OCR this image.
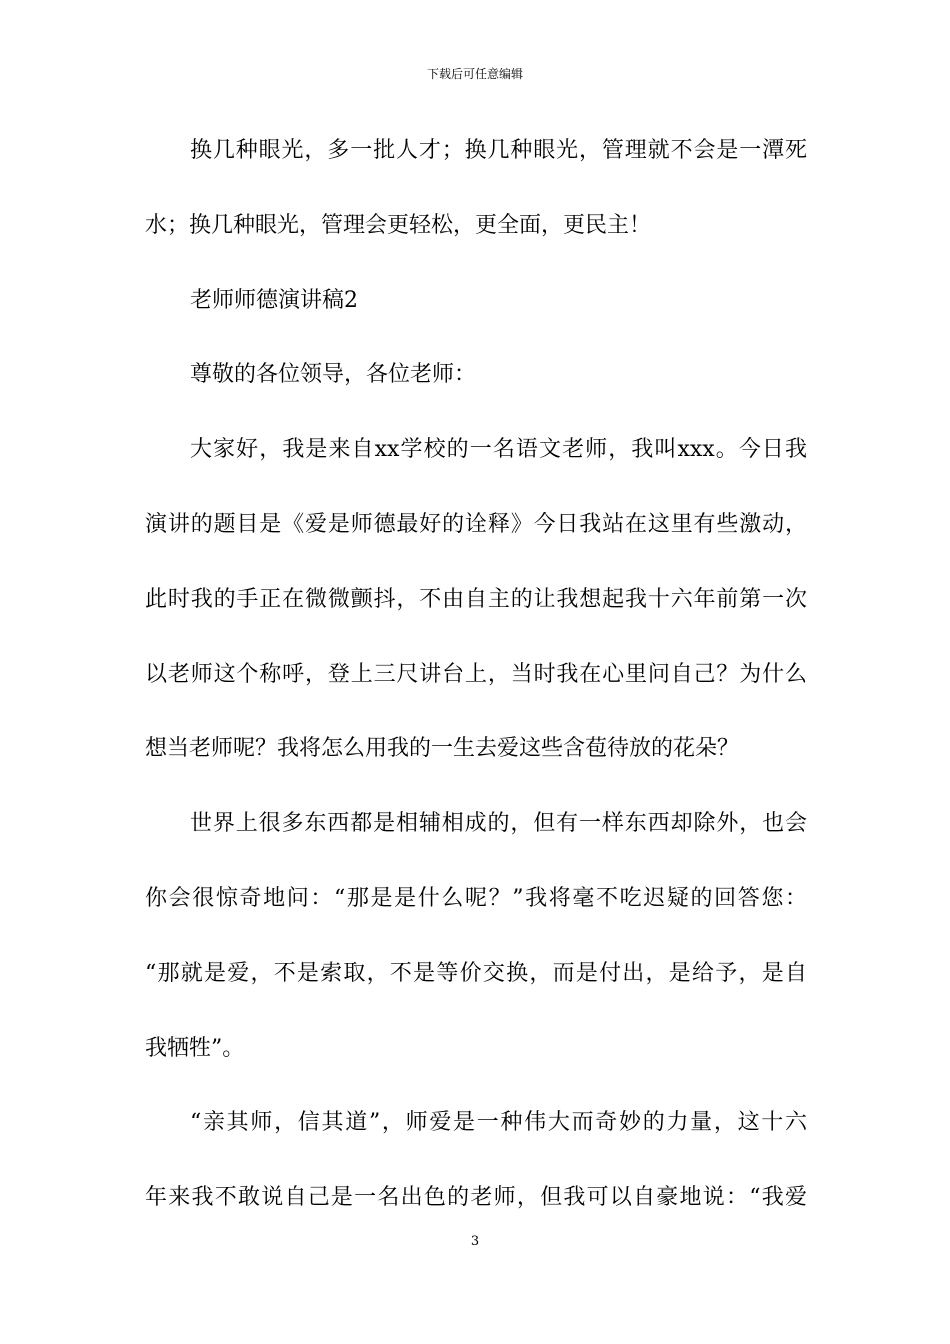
下载后可任意编辑
换几种眼光，多一批人才；换几种眼光，管理就不会是一潭死
水；换几种眼光，管理会更轻松，更全面，更民主！
老师师德演讲稿2
尊敬的各位领导，各位老师：
大家好，我是来自xx学校的一名语文老师，我叫xxx。今日我
演讲的题目是《爱是师德最好的诠释》今日我站在这里有些激动，
此时我的手正在微微颤抖，不由自主的让我想起我十六年前第一次
以老师这个称呼，登上三尺讲台上，当时我在心里问自己？为什么
想当老师呢？我将怎么用我的一生去爱这些含苞待放的花朵？
世界上很多东西都是相辅相成的，但有一样东西却除外，也会
你会很惊奇地问：“那是是什么呢？”我将毫不吃迟疑的回答您：
“那就是爱，不是索取，不是等价交换，而是付出，是给予，是自
我牺牲”。
“亲其师，信其道”，师爱是一种伟大而奇妙的力量，这十六
年来我不敢说自己是一名出色的老师，但我可以自豪地说：“我爱
3
